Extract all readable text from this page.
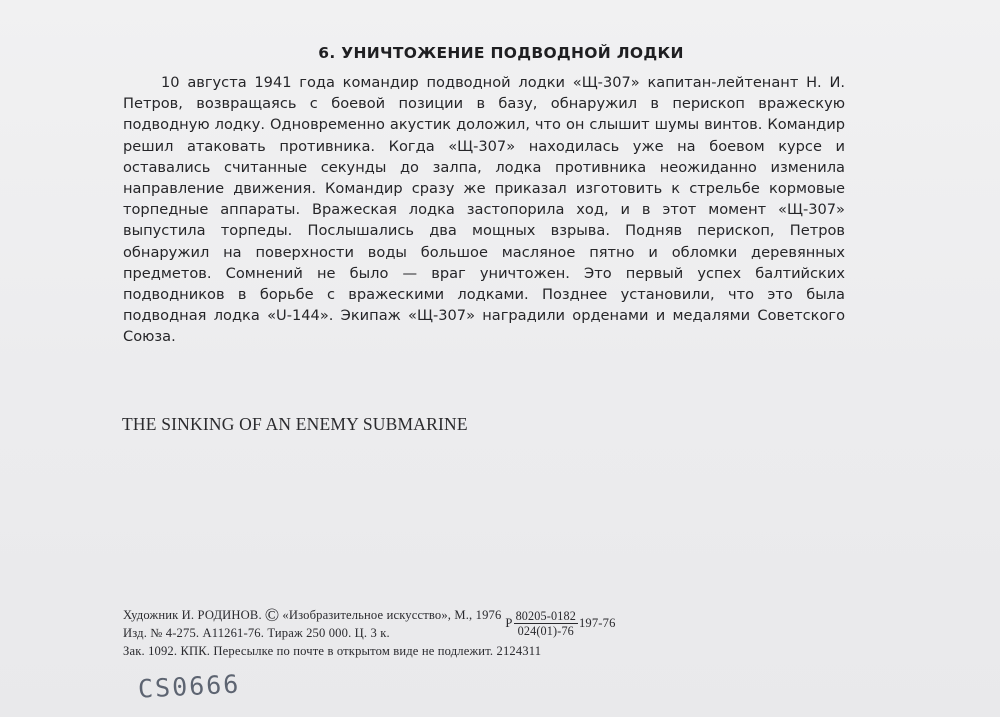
6. УНИЧТОЖЕНИЕ ПОДВОДНОЙ ЛОДКИ

10 августа 1941 года командир подводной лодки «Щ-307» капитан-лейтенант Н. И. Петров, возвращаясь с боевой позиции в базу, обнаружил в перископ вражескую подводную лодку. Одновременно акустик доложил, что он слышит шумы винтов. Командир решил атаковать противника. Когда «Щ-307» находилась уже на боевом курсе и оставались считанные секунды до залпа, лодка противника неожиданно изменила направление движения. Командир сразу же приказал изготовить к стрельбе кормовые торпедные аппараты. Вражеская лодка застопорила ход, и в этот момент «Щ-307» выпустила торпеды. Послышались два мощных взрыва. Подняв перископ, Петров обнаружил на поверхности воды большое масляное пятно и обломки деревянных предметов. Сомнений не было — враг уничтожен. Это первый успех балтийских подводников в борьбе с вражескими лодками. Позднее установили, что это была подводная лодка «U-144». Экипаж «Щ-307» наградили орденами и медалями Советского Союза.

THE SINKING OF AN ENEMY SUBMARINE

Художник И. РОДИНОВ. © «Изобразительное искусство», М., 1976
Р $\frac{80205-0182}{024(01)-76} 197-76$
Изд. № 4-275. А11261-76. Тираж 250 000. Ц. 3 к.
Зак. 1092. КПК. Пересылке по почте в открытом виде не подлежит. 2124311
CS0666
